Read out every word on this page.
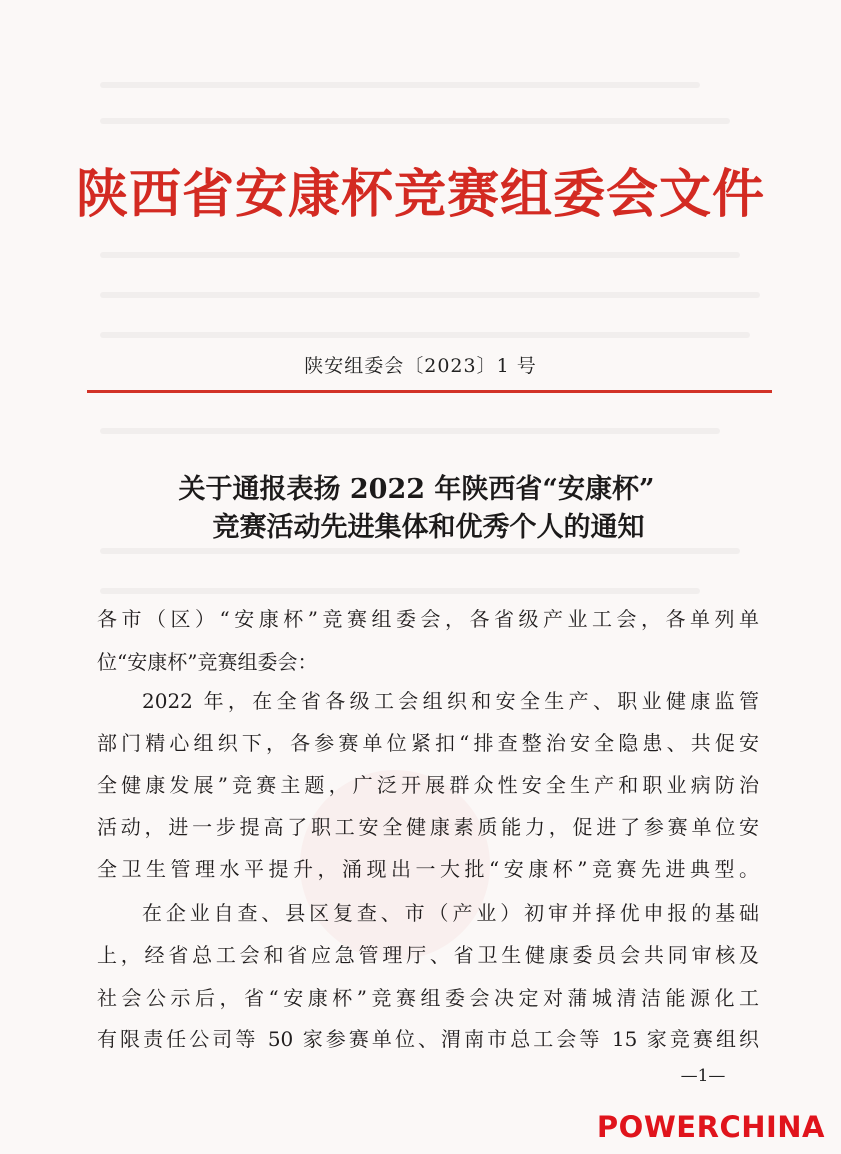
陕西省安康杯竞赛组委会文件
陕安组委会〔2023〕1 号
关于通报表扬 2022 年陕西省“安康杯”
竞赛活动先进集体和优秀个人的通知
各市（区）“安康杯”竞赛组委会，各省级产业工会，各单列单
位“安康杯”竞赛组委会：
2022 年，在全省各级工会组织和安全生产、职业健康监管
部门精心组织下，各参赛单位紧扣“排查整治安全隐患、共促安
全健康发展”竞赛主题，广泛开展群众性安全生产和职业病防治
活动，进一步提高了职工安全健康素质能力，促进了参赛单位安
全卫生管理水平提升，涌现出一大批“安康杯”竞赛先进典型。
在企业自查、县区复查、市（产业）初审并择优申报的基础
上，经省总工会和省应急管理厅、省卫生健康委员会共同审核及
社会公示后，省“安康杯”竞赛组委会决定对蒲城清洁能源化工
有限责任公司等 50 家参赛单位、渭南市总工会等 15 家竞赛组织
—1—
POWERCHINA
